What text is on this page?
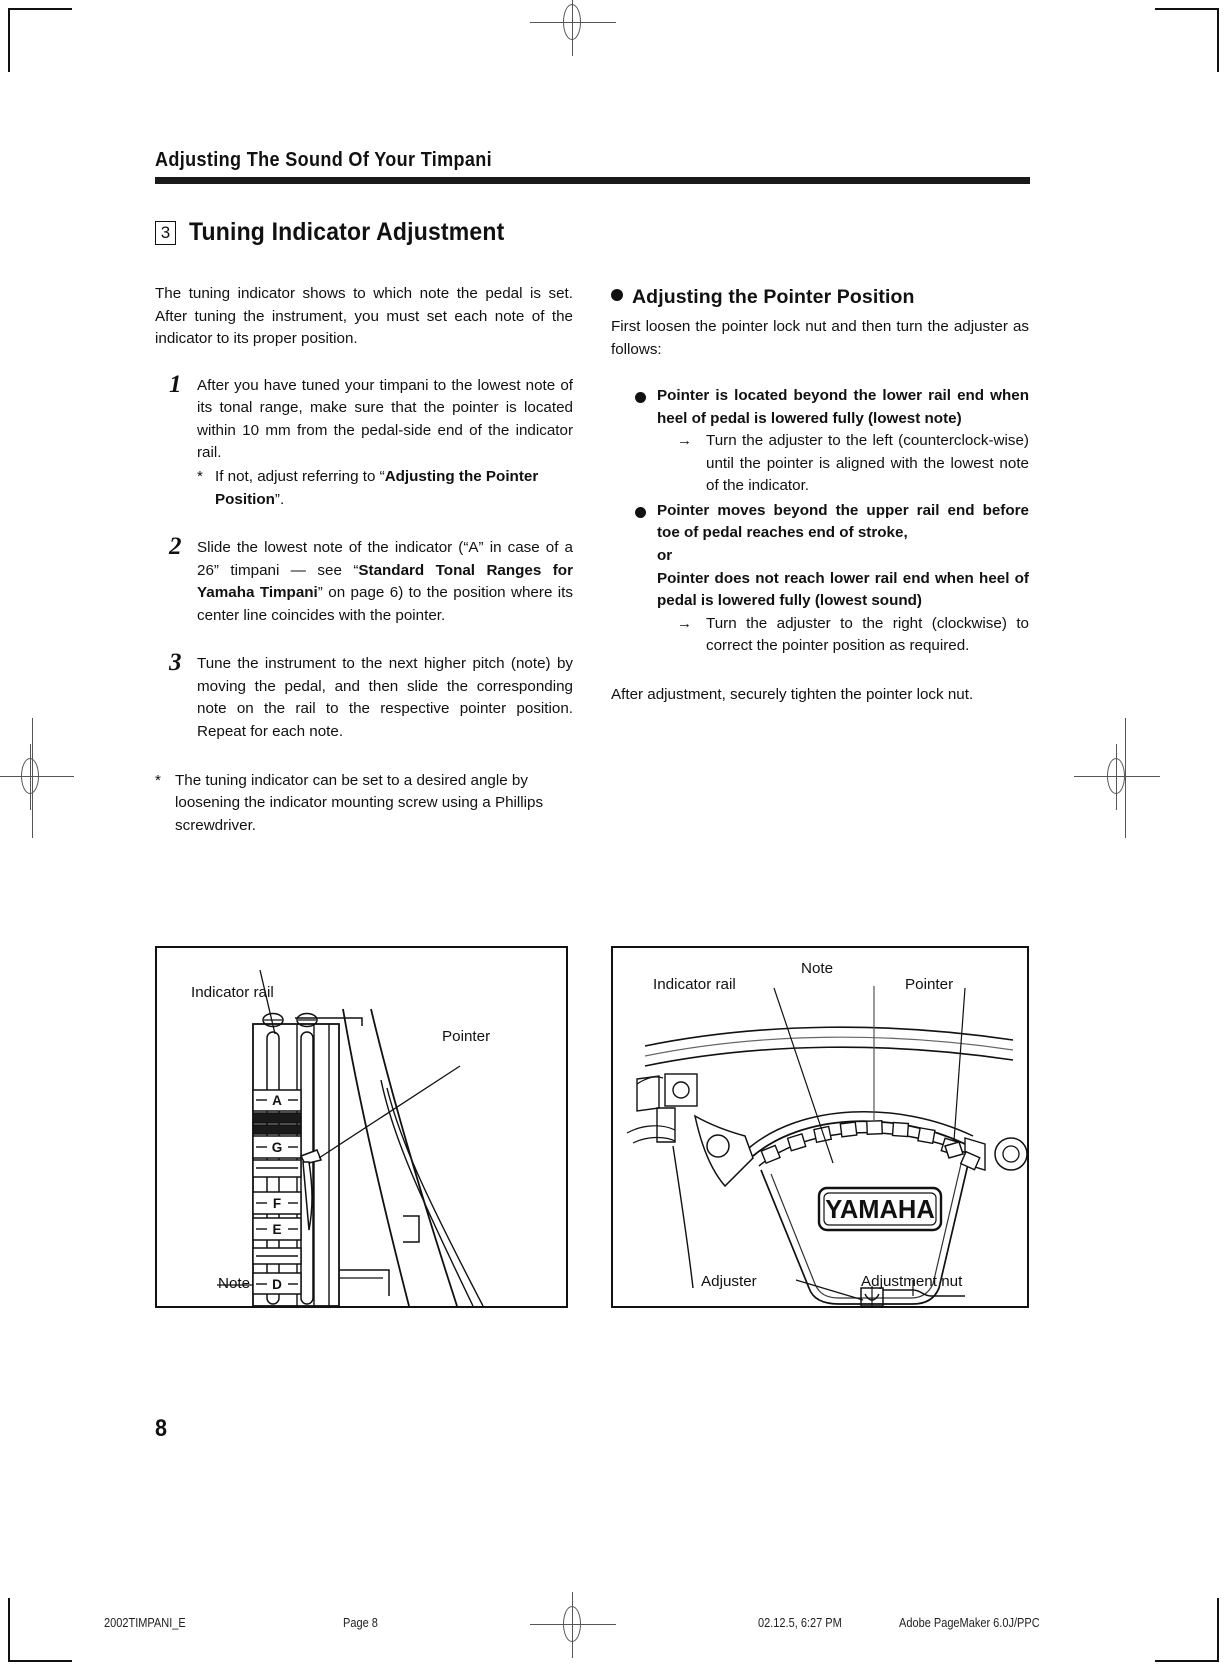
Adjusting The Sound Of Your Timpani
3 Tuning Indicator Adjustment

The tuning indicator shows to which note the pedal is set. After tuning the instrument, you must set each note of the indicator to its proper position.

1 After you have tuned your timpani to the lowest note of its tonal range, make sure that the pointer is located within 10 mm from the pedal-side end of the indicator rail.
* If not, adjust referring to “Adjusting the Pointer Position”.
2 Slide the lowest note of the indicator (“A” in case of a 26” timpani — see “Standard Tonal Ranges for Yamaha Timpani” on page 6) to the position where its center line coincides with the pointer.
3 Tune the instrument to the next higher pitch (note) by moving the pedal, and then slide the corresponding note on the rail to the respective pointer position. Repeat for each note.
* The tuning indicator can be set to a desired angle by loosening the indicator mounting screw using a Phillips screwdriver.
Adjusting the Pointer Position

First loosen the pointer lock nut and then turn the adjuster as follows:

Pointer is located beyond the lower rail end when heel of pedal is lowered fully (lowest note)
→ Turn the adjuster to the left (counterclock-wise) until the pointer is aligned with the lowest note of the indicator.
Pointer moves beyond the upper rail end before toe of pedal reaches end of stroke,
or
Pointer does not reach lower rail end when heel of pedal is lowered fully (lowest sound)
→ Turn the adjuster to the right (clockwise) to correct the pointer position as required.

After adjustment, securely tighten the pointer lock nut.

A
G
F
E
D
Indicator rail
Pointer
Note
YAMAHA
Indicator rail
Note
Pointer
Adjuster	Adjustment nut
8
2002TIMPANI_E	Page 8	02.12.5, 6:27 PM	Adobe PageMaker 6.0J/PPC
